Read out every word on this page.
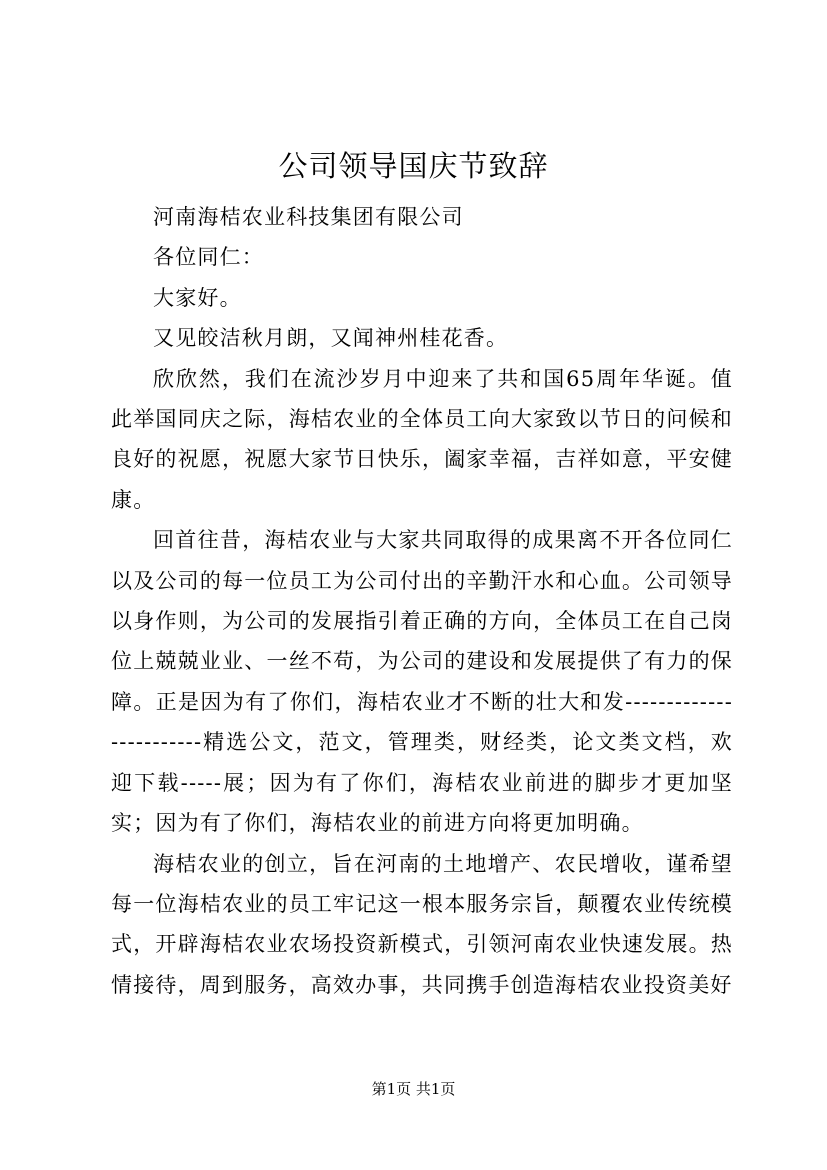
公司领导国庆节致辞

河南海桔农业科技集团有限公司

各位同仁：

大家好。

又见皎洁秋月朗，又闻神州桂花香。

欣欣然，我们在流沙岁月中迎来了共和国65周年华诞。值此举国同庆之际，海桔农业的全体员工向大家致以节日的问候和良好的祝愿，祝愿大家节日快乐，阖家幸福，吉祥如意，平安健康。

回首往昔，海桔农业与大家共同取得的成果离不开各位同仁以及公司的每一位员工为公司付出的辛勤汗水和心血。公司领导以身作则，为公司的发展指引着正确的方向，全体员工在自己岗位上兢兢业业、一丝不苟，为公司的建设和发展提供了有力的保障。正是因为有了你们，海桔农业才不断的壮大和发------------------------精选公文，范文，管理类，财经类，论文类文档，欢迎下载-----展；因为有了你们，海桔农业前进的脚步才更加坚实；因为有了你们，海桔农业的前进方向将更加明确。

海桔农业的创立，旨在河南的土地增产、农民增收，谨希望每一位海桔农业的员工牢记这一根本服务宗旨，颠覆农业传统模式，开辟海桔农业农场投资新模式，引领河南农业快速发展。热情接待，周到服务，高效办事，共同携手创造海桔农业投资美好

第1页 共1页
